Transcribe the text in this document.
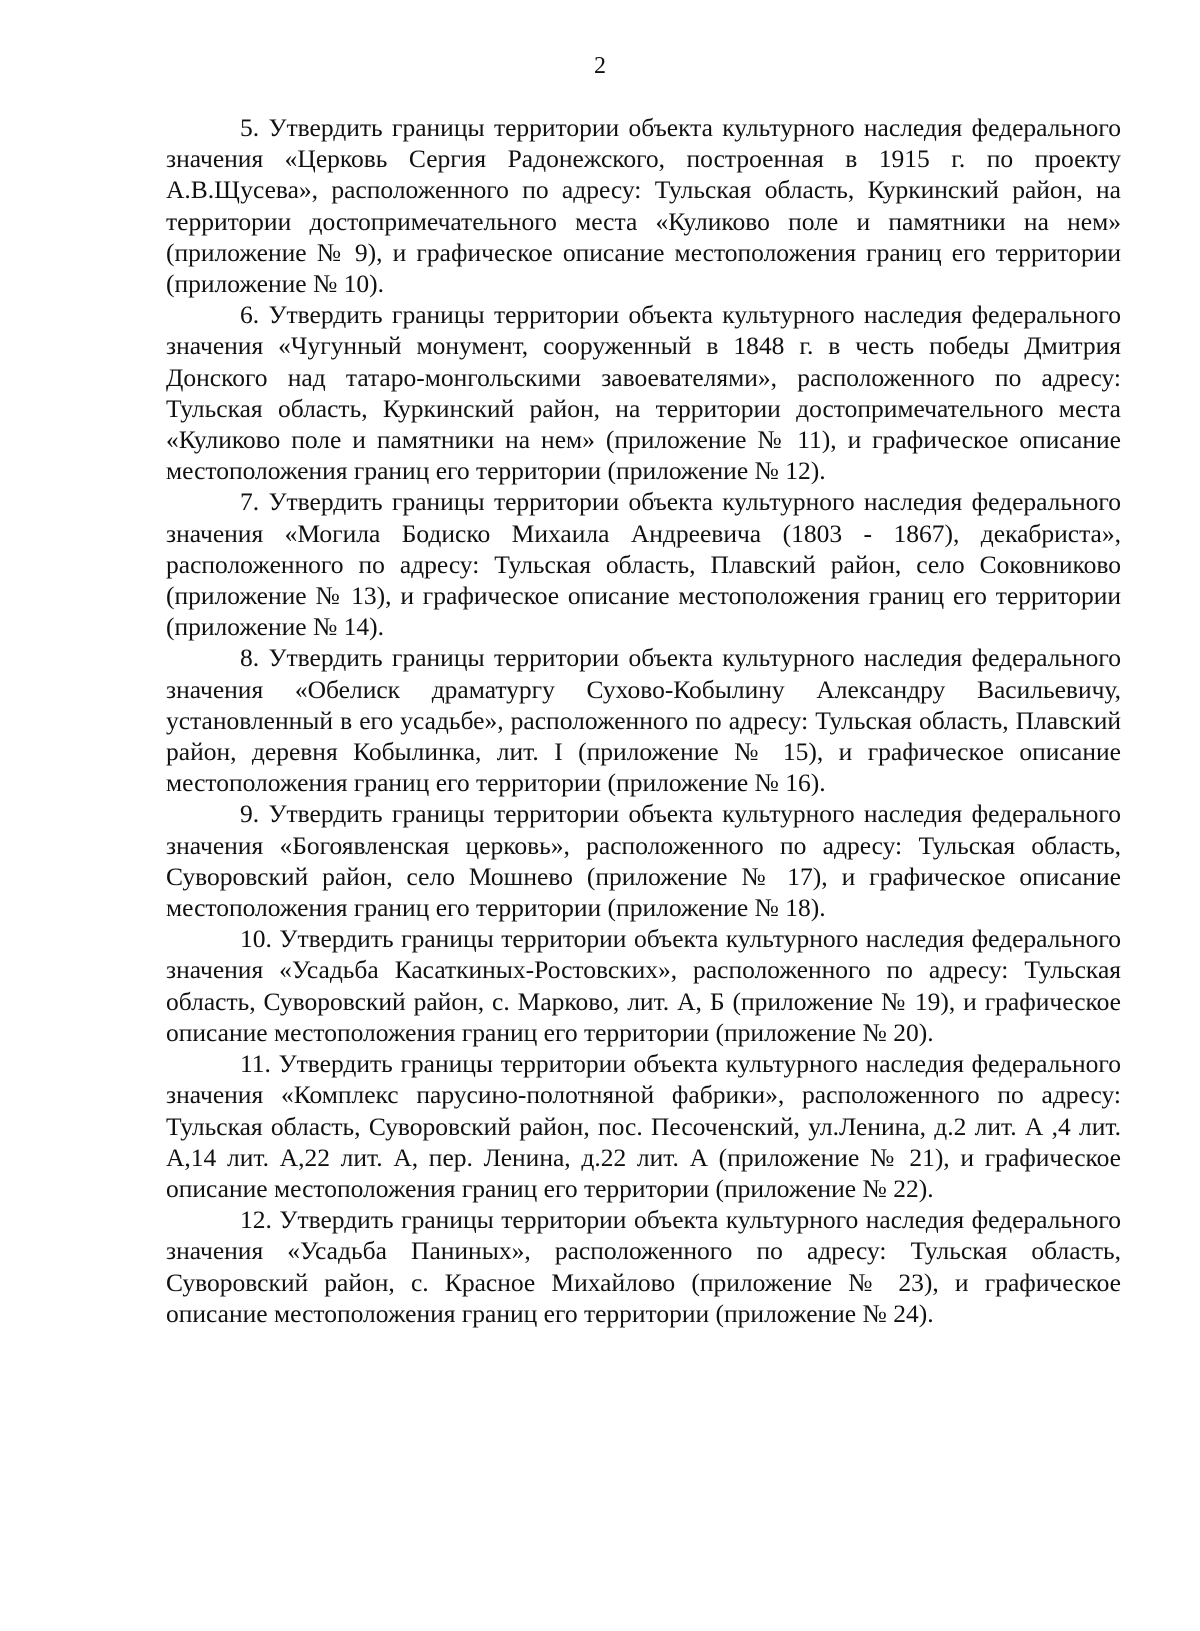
2

5. Утвердить границы территории объекта культурного наследия федерального значения «Церковь Сергия Радонежского, построенная в 1915 г. по проекту А.В.Щусева», расположенного по адресу: Тульская область, Куркинский район, на территории достопримечательного места «Куликово поле и памятники на нем» (приложение № 9), и графическое описание местоположения границ его территории (приложение № 10).

6. Утвердить границы территории объекта культурного наследия федерального значения «Чугунный монумент, сооруженный в 1848 г. в честь победы Дмитрия Донского над татаро-монгольскими завоевателями», расположенного по адресу: Тульская область, Куркинский район, на территории достопримечательного места «Куликово поле и памятники на нем» (приложение № 11), и графическое описание местоположения границ его территории (приложение № 12).

7. Утвердить границы территории объекта культурного наследия федерального значения «Могила Бодиско Михаила Андреевича (1803 - 1867), декабриста», расположенного по адресу: Тульская область, Плавский район, село Соковниково (приложение № 13), и графическое описание местоположения границ его территории (приложение № 14).

8. Утвердить границы территории объекта культурного наследия федерального значения «Обелиск драматургу Сухово-Кобылину Александру Васильевичу, установленный в его усадьбе», расположенного по адресу: Тульская область, Плавский район, деревня Кобылинка, лит. I (приложение № 15), и графическое описание местоположения границ его территории (приложение № 16).

9. Утвердить границы территории объекта культурного наследия федерального значения «Богоявленская церковь», расположенного по адресу: Тульская область, Суворовский район, село Мошнево (приложение № 17), и графическое описание местоположения границ его территории (приложение № 18).

10. Утвердить границы территории объекта культурного наследия федерального значения «Усадьба Касаткиных-Ростовских», расположенного по адресу: Тульская область, Суворовский район, с. Марково, лит. А, Б (приложение № 19), и графическое описание местоположения границ его территории (приложение № 20).

11. Утвердить границы территории объекта культурного наследия федерального значения «Комплекс парусино-полотняной фабрики», расположенного по адресу: Тульская область, Суворовский район, пос. Песоченский, ул.Ленина, д.2 лит. А ,4 лит. А,14 лит. А,22 лит. А, пер. Ленина, д.22 лит. А (приложение № 21), и графическое описание местоположения границ его территории (приложение № 22).

12. Утвердить границы территории объекта культурного наследия федерального значения «Усадьба Паниных», расположенного по адресу: Тульская область, Суворовский район, с. Красное Михайлово (приложение № 23), и графическое описание местоположения границ его территории (приложение № 24).
